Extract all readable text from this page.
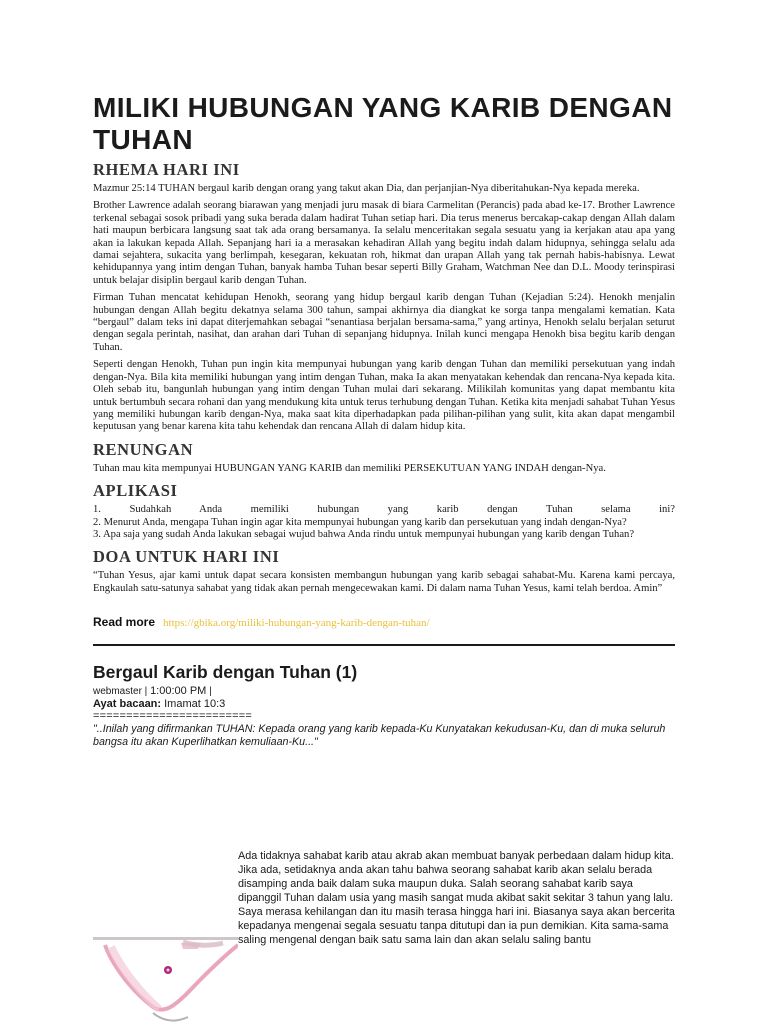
MILIKI HUBUNGAN YANG KARIB DENGAN TUHAN
RHEMA HARI INI

Mazmur 25:14 TUHAN bergaul karib dengan orang yang takut akan Dia, dan perjanjian-Nya diberitahukan-Nya kepada mereka.

Brother Lawrence adalah seorang biarawan yang menjadi juru masak di biara Carmelitan (Perancis) pada abad ke-17. Brother Lawrence terkenal sebagai sosok pribadi yang suka berada dalam hadirat Tuhan setiap hari. Dia terus menerus bercakap-cakap dengan Allah dalam hati maupun berbicara langsung saat tak ada orang bersamanya. Ia selalu menceritakan segala sesuatu yang ia kerjakan atau apa yang akan ia lakukan kepada Allah. Sepanjang hari ia a merasakan kehadiran Allah yang begitu indah dalam hidupnya, sehingga selalu ada damai sejahtera, sukacita yang berlimpah, kesegaran, kekuatan roh, hikmat dan urapan Allah yang tak pernah habis-habisnya. Lewat kehidupannya yang intim dengan Tuhan, banyak hamba Tuhan besar seperti Billy Graham, Watchman Nee dan D.L. Moody terinspirasi untuk belajar disiplin bergaul karib dengan Tuhan.

Firman Tuhan mencatat kehidupan Henokh, seorang yang hidup bergaul karib dengan Tuhan (Kejadian 5:24). Henokh menjalin hubungan dengan Allah begitu dekatnya selama 300 tahun, sampai akhirnya dia diangkat ke sorga tanpa mengalami kematian. Kata “bergaul” dalam teks ini dapat diterjemahkan sebagai “senantiasa berjalan bersama-sama,” yang artinya, Henokh selalu berjalan seturut dengan segala perintah, nasihat, dan arahan dari Tuhan di sepanjang hidupnya. Inilah kunci mengapa Henokh bisa begitu karib dengan Tuhan.

Seperti dengan Henokh, Tuhan pun ingin kita mempunyai hubungan yang karib dengan Tuhan dan memiliki persekutuan yang indah dengan-Nya. Bila kita memiliki hubungan yang intim dengan Tuhan, maka Ia akan menyatakan kehendak dan rencana-Nya kepada kita. Oleh sebab itu, bangunlah hubungan yang intim dengan Tuhan mulai dari sekarang. Milikilah komunitas yang dapat membantu kita untuk bertumbuh secara rohani dan yang mendukung kita untuk terus terhubung dengan Tuhan. Ketika kita menjadi sahabat Tuhan Yesus yang memiliki hubungan karib dengan-Nya, maka saat kita diperhadapkan pada pilihan-pilihan yang sulit, kita akan dapat mengambil keputusan yang benar karena kita tahu kehendak dan rencana Allah di dalam hidup kita.

RENUNGAN

Tuhan mau kita mempunyai HUBUNGAN YANG KARIB dan memiliki PERSEKUTUAN YANG INDAH dengan-Nya.

APLIKASI

1. Sudahkah Anda memiliki hubungan yang karib dengan Tuhan selama ini?

2. Menurut Anda, mengapa Tuhan ingin agar kita mempunyai hubungan yang karib dan persekutuan yang indah dengan-Nya?

3. Apa saja yang sudah Anda lakukan sebagai wujud bahwa Anda rindu untuk mempunyai hubungan yang karib dengan Tuhan?

DOA UNTUK HARI INI

“Tuhan Yesus, ajar kami untuk dapat secara konsisten membangun hubungan yang karib sebagai sahabat-Mu. Karena kami percaya, Engkaulah satu-satunya sahabat yang tidak akan pernah mengecewakan kami. Di dalam nama Tuhan Yesus, kami telah berdoa. Amin”

Read more https://gbika.org/miliki-hubungan-yang-karib-dengan-tuhan/
Bergaul Karib dengan Tuhan (1)
webmaster | 1:00:00 PM |
Ayat bacaan: Imamat 10:3
========================
"..Inilah yang difirmankan TUHAN: Kepada orang yang karib kepada-Ku Kunyatakan kekudusan-Ku, dan di muka seluruh bangsa itu akan Kuperlihatkan kemuliaan-Ku..."
Ada tidaknya sahabat karib atau akrab akan membuat banyak perbedaan dalam hidup kita. Jika ada, setidaknya anda akan tahu bahwa seorang sahabat karib akan selalu berada disamping anda baik dalam suka maupun duka. Salah seorang sahabat karib saya dipanggil Tuhan dalam usia yang masih sangat muda akibat sakit sekitar 3 tahun yang lalu. Saya merasa kehilangan dan itu masih terasa hingga hari ini. Biasanya saya akan bercerita kepadanya mengenai segala sesuatu tanpa ditutupi dan ia pun demikian. Kita sama-sama saling mengenal dengan baik satu sama lain dan akan selalu saling bantu
